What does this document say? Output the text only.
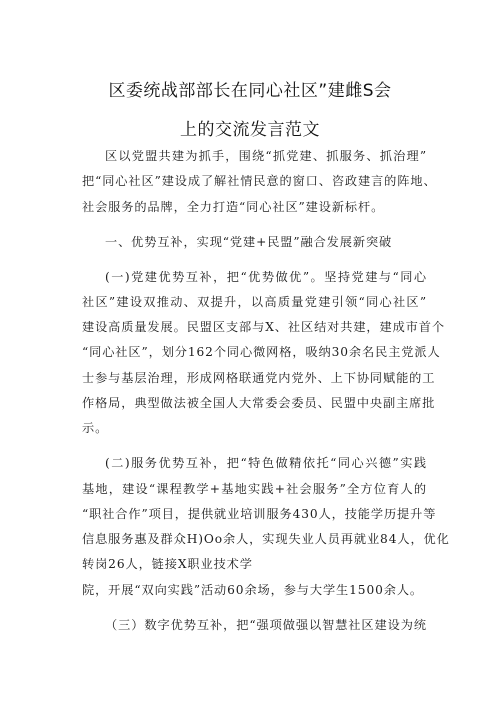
区委统战部部长在同心社区”建雌S会
上的交流发言范文
区以党盟共建为抓手，围绕“抓党建、抓服务、抓治理”
把“同心社区”建设成了解社情民意的窗口、咨政建言的阵地、
社会服务的品牌，全力打造“同心社区”建设新标杆。
一、优势互补，实现“党建+民盟”融合发展新突破
(一)党建优势互补，把“优势做优”。坚持党建与“同心
社区”建设双推动、双提升，以高质量党建引领“同心社区”
建设高质量发展。民盟区支部与X、社区结对共建，建成市首个
“同心社区”，划分162个同心微网格，吸纳30余名民主党派人
士参与基层治理，形成网格联通党内党外、上下协同赋能的工
作格局，典型做法被全国人大常委会委员、民盟中央副主席批
示。
(二)服务优势互补，把“特色做精依托“同心兴德”实践
基地，建设“课程教学+基地实践+社会服务”全方位育人的
“职社合作”项目，提供就业培训服务430人，技能学历提升等
信息服务惠及群众H)Oo余人，实现失业人员再就业84人，优化
转岗26人，链接X职业技术学
院，开展“双向实践”活动60余场，参与大学生1500余人。
（三）数字优势互补，把“强项做强以智慧社区建设为统
